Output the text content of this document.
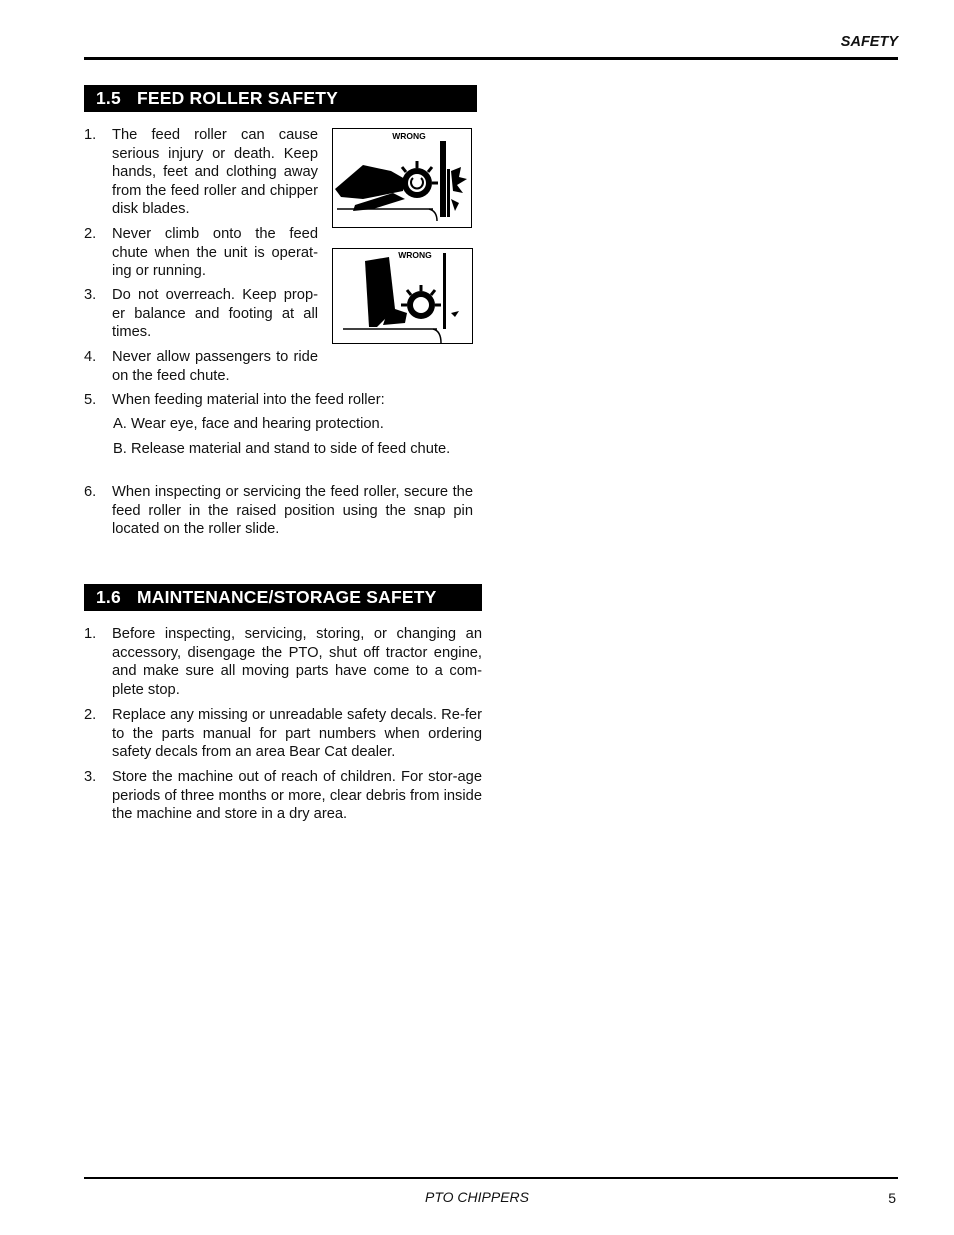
SAFETY
1.5 FEED ROLLER SAFETY
1. The feed roller can cause serious injury or death. Keep hands, feet and clothing away from the feed roller and chipper disk blades.
2. Never climb onto the feed chute when the unit is operat-ing or running.
3. Do not overreach. Keep prop-er balance and footing at all times.
4. Never allow passengers to ride on the feed chute.
5. When feeding material into the feed roller:
A. Wear eye, face and hearing protection.
B. Release material and stand to side of feed chute.
6. When inspecting or servicing the feed roller, secure the feed roller in the raised position using the snap pin located on the roller slide.
WRONG
WRONG
1.6 MAINTENANCE/STORAGE SAFETY
1. Before inspecting, servicing, storing, or changing an accessory, disengage the PTO, shut off tractor engine, and make sure all moving parts have come to a com-plete stop.
2. Replace any missing or unreadable safety decals. Re-fer to the parts manual for part numbers when ordering safety decals from an area Bear Cat dealer.
3. Store the machine out of reach of children. For stor-age periods of three months or more, clear debris from inside the machine and store in a dry area.
PTO CHIPPERS	5
